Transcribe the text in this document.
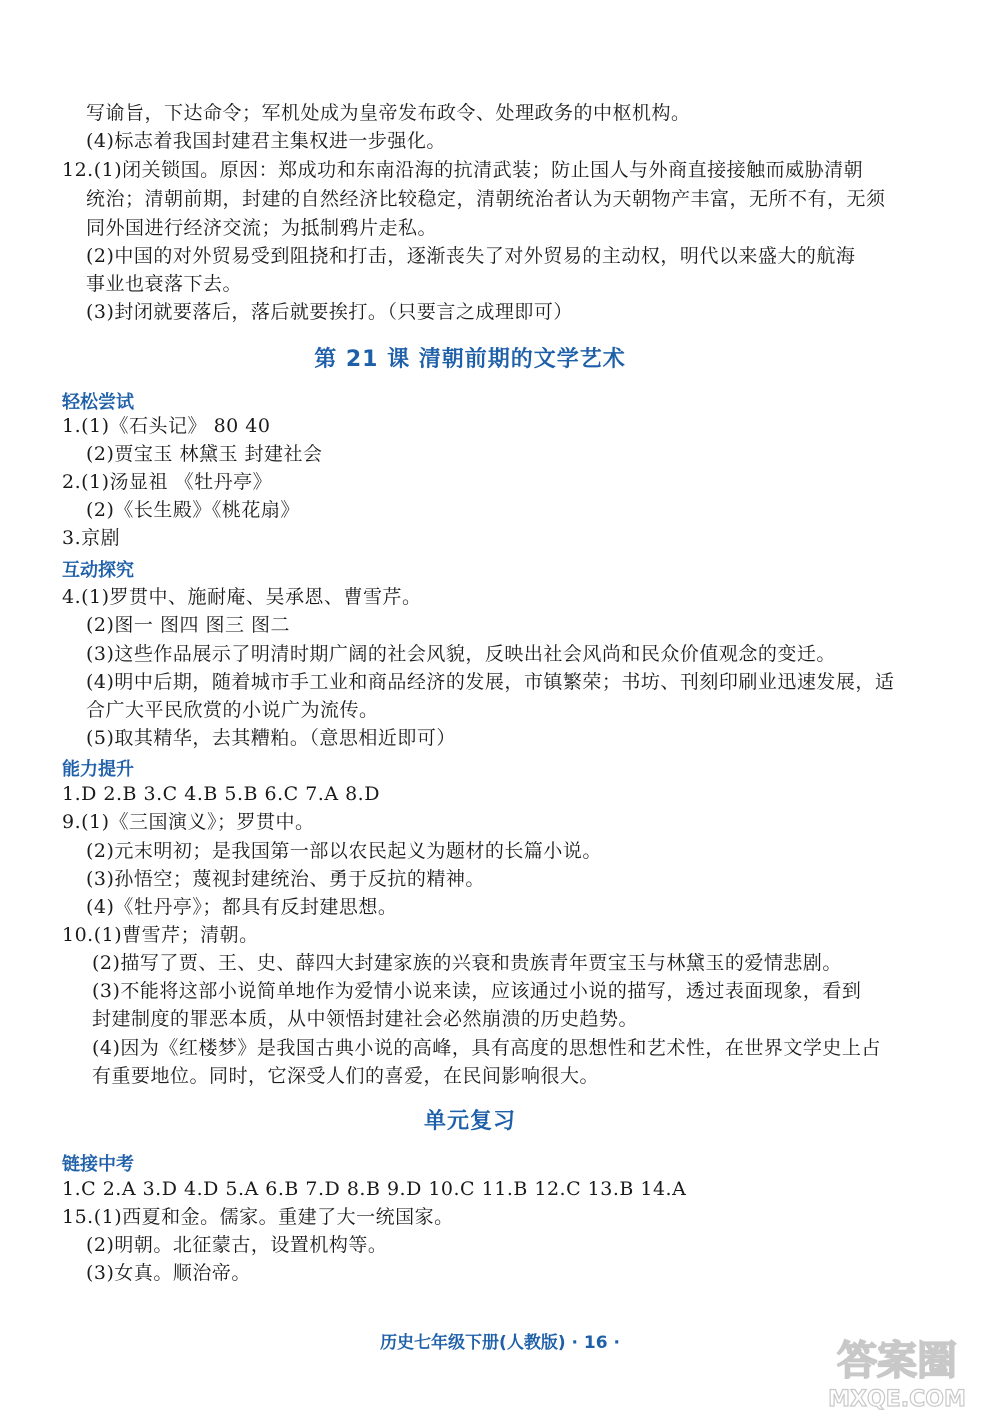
写谕旨，下达命令；军机处成为皇帝发布政令、处理政务的中枢机构。
(4)标志着我国封建君主集权进一步强化。
12.(1)闭关锁国。原因：郑成功和东南沿海的抗清武装；防止国人与外商直接接触而威胁清朝
统治；清朝前期，封建的自然经济比较稳定，清朝统治者认为天朝物产丰富，无所不有，无须
同外国进行经济交流；为抵制鸦片走私。
(2)中国的对外贸易受到阻挠和打击，逐渐丧失了对外贸易的主动权，明代以来盛大的航海
事业也衰落下去。
(3)封闭就要落后，落后就要挨打。（只要言之成理即可）
第 21 课 清朝前期的文学艺术
轻松尝试
1.(1)《石头记》 80 40
(2)贾宝玉 林黛玉 封建社会
2.(1)汤显祖 《牡丹亭》
(2)《长生殿》《桃花扇》
3.京剧
互动探究
4.(1)罗贯中、施耐庵、吴承恩、曹雪芹。
(2)图一 图四 图三 图二
(3)这些作品展示了明清时期广阔的社会风貌，反映出社会风尚和民众价值观念的变迁。
(4)明中后期，随着城市手工业和商品经济的发展，市镇繁荣；书坊、刊刻印刷业迅速发展，适
合广大平民欣赏的小说广为流传。
(5)取其精华，去其糟粕。（意思相近即可）
能力提升
1.D 2.B 3.C 4.B 5.B 6.C 7.A 8.D
9.(1)《三国演义》；罗贯中。
(2)元末明初；是我国第一部以农民起义为题材的长篇小说。
(3)孙悟空；蔑视封建统治、勇于反抗的精神。
(4)《牡丹亭》；都具有反封建思想。
10.(1)曹雪芹；清朝。
(2)描写了贾、王、史、薛四大封建家族的兴衰和贵族青年贾宝玉与林黛玉的爱情悲剧。
(3)不能将这部小说简单地作为爱情小说来读，应该通过小说的描写，透过表面现象，看到
封建制度的罪恶本质，从中领悟封建社会必然崩溃的历史趋势。
(4)因为《红楼梦》是我国古典小说的高峰，具有高度的思想性和艺术性，在世界文学史上占
有重要地位。同时，它深受人们的喜爱，在民间影响很大。
单元复习
链接中考
1.C 2.A 3.D 4.D 5.A 6.B 7.D 8.B 9.D 10.C 11.B 12.C 13.B 14.A
15.(1)西夏和金。儒家。重建了大一统国家。
(2)明朝。北征蒙古，设置机构等。
(3)女真。顺治帝。
历史七年级下册(人教版) · 16 ·	答案圈
MXQE.COM
